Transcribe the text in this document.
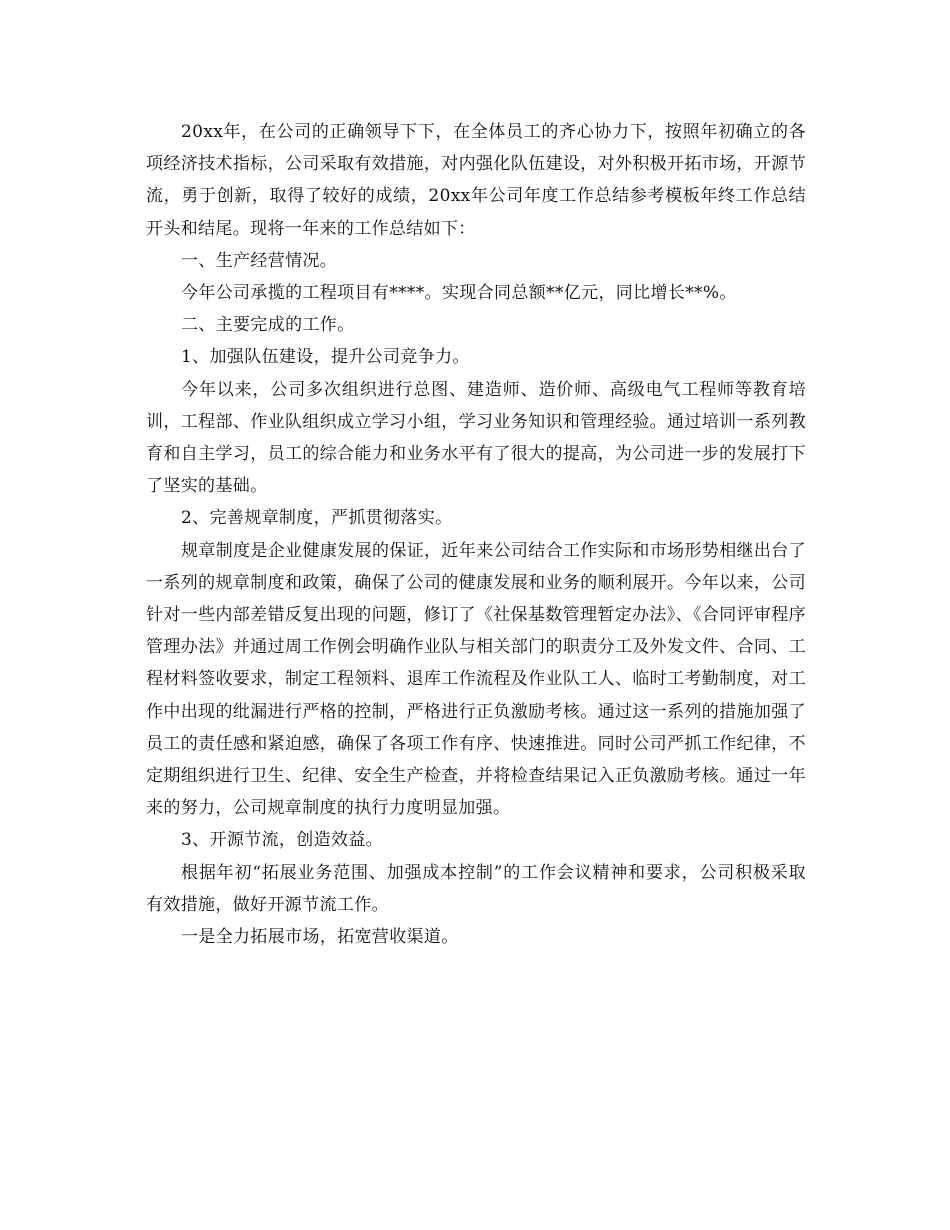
20xx年，在公司的正确领导下下，在全体员工的齐心协力下，按照年初确立的各项经济技术指标，公司采取有效措施，对内强化队伍建设，对外积极开拓市场，开源节流，勇于创新，取得了较好的成绩，20xx年公司年度工作总结参考模板年终工作总结开头和结尾。现将一年来的工作总结如下：

一、生产经营情况。

今年公司承揽的工程项目有****。实现合同总额**亿元，同比增长**%。

二、主要完成的工作。

1、加强队伍建设，提升公司竞争力。

今年以来，公司多次组织进行总图、建造师、造价师、高级电气工程师等教育培训，工程部、作业队组织成立学习小组，学习业务知识和管理经验。通过培训一系列教育和自主学习，员工的综合能力和业务水平有了很大的提高，为公司进一步的发展打下了坚实的基础。

2、完善规章制度，严抓贯彻落实。

规章制度是企业健康发展的保证，近年来公司结合工作实际和市场形势相继出台了一系列的规章制度和政策，确保了公司的健康发展和业务的顺利展开。今年以来，公司针对一些内部差错反复出现的问题，修订了《社保基数管理暂定办法》、《合同评审程序管理办法》并通过周工作例会明确作业队与相关部门的职责分工及外发文件、合同、工程材料签收要求，制定工程领料、退库工作流程及作业队工人、临时工考勤制度，对工作中出现的纰漏进行严格的控制，严格进行正负激励考核。通过这一系列的措施加强了员工的责任感和紧迫感，确保了各项工作有序、快速推进。同时公司严抓工作纪律，不定期组织进行卫生、纪律、安全生产检查，并将检查结果记入正负激励考核。通过一年来的努力，公司规章制度的执行力度明显加强。

3、开源节流，创造效益。

根据年初“拓展业务范围、加强成本控制”的工作会议精神和要求，公司积极采取有效措施，做好开源节流工作。

一是全力拓展市场，拓宽营收渠道。
